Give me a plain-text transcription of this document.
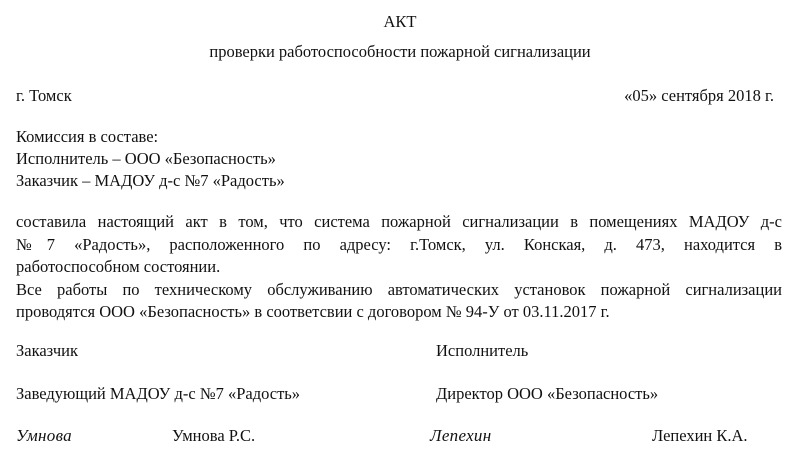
АКТ
проверки работоспособности пожарной сигнализации
г. Томск	«05» сентября 2018 г.
Комиссия в составе:
Исполнитель – ООО «Безопасность»
Заказчик – МАДОУ д-с №7 «Радость»
составила настоящий акт в том, что система пожарной сигнализации в помещениях МАДОУ д-с
№7 «Радость», расположенного по адресу: г.Томск, ул. Конская, д. 473, находится в
работоспособном состоянии.
Все работы по техническому обслуживанию автоматических установок пожарной сигнализации
проводятся ООО «Безопасность» в соответсвии с договором № 94-У от 03.11.2017 г.
Заказчик	Исполнитель
Заведующий МАДОУ д-с №7 «Радость»	Директор ООО «Безопасность»
Умнова	Умнова Р.С.	Лепехин	Лепехин К.А.
